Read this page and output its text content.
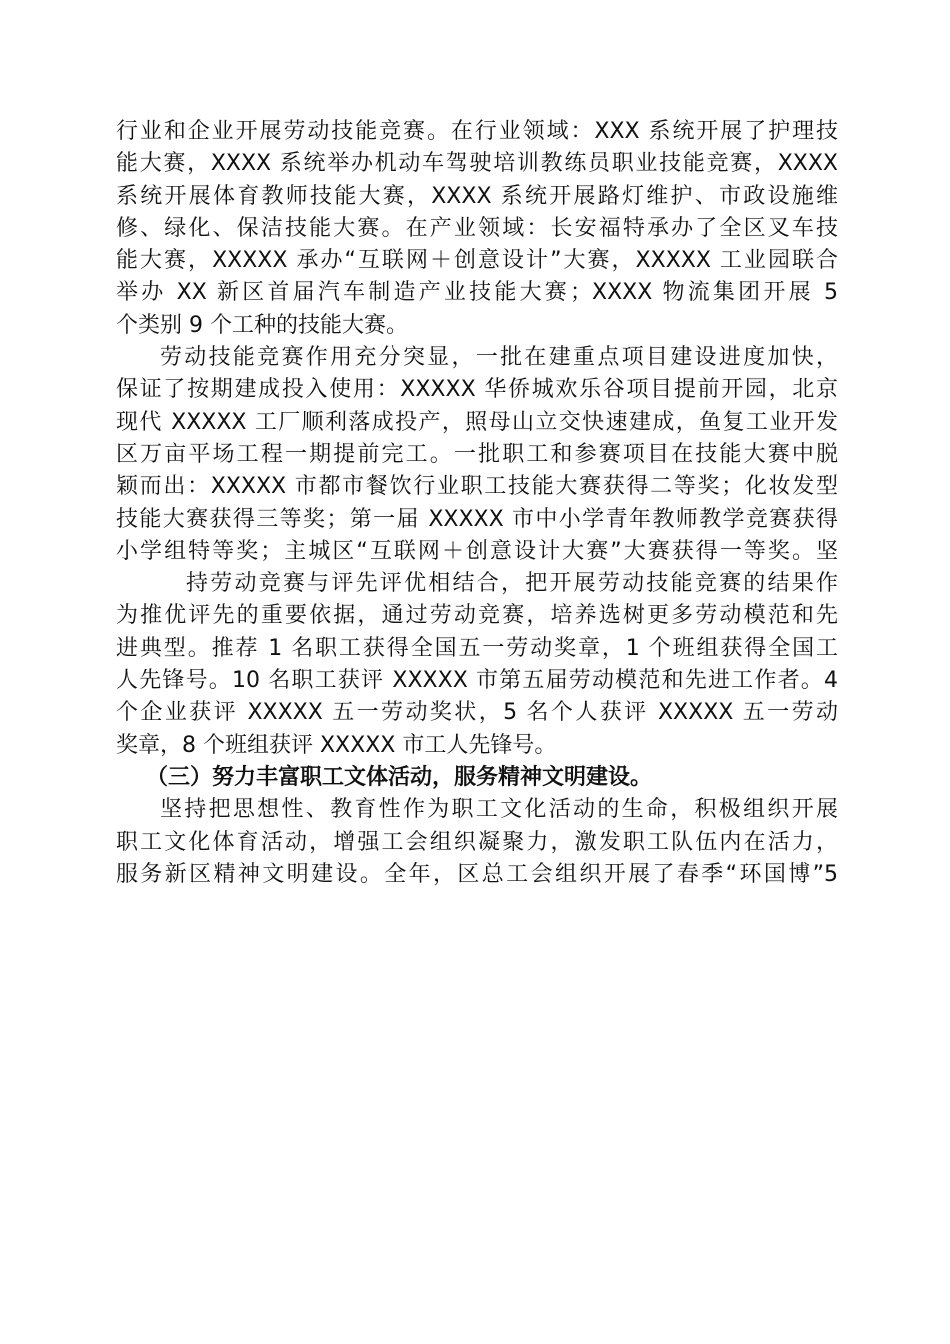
行业和企业开展劳动技能竞赛。在行业领域：XXX 系统开展了护理技
能大赛，XXXX 系统举办机动车驾驶培训教练员职业技能竞赛，XXXX
系统开展体育教师技能大赛，XXXX 系统开展路灯维护、市政设施维
修、绿化、保洁技能大赛。在产业领域：长安福特承办了全区叉车技
能大赛，XXXXX 承办“互联网＋创意设计”大赛，XXXXX 工业园联合
举办 XX 新区首届汽车制造产业技能大赛；XXXX 物流集团开展 5
个类别 9 个工种的技能大赛。
劳动技能竞赛作用充分突显，一批在建重点项目建设进度加快，
保证了按期建成投入使用：XXXXX 华侨城欢乐谷项目提前开园，北京
现代 XXXXX 工厂顺利落成投产，照母山立交快速建成，鱼复工业开发
区万亩平场工程一期提前完工。一批职工和参赛项目在技能大赛中脱
颖而出：XXXXX 市都市餐饮行业职工技能大赛获得二等奖；化妆发型
技能大赛获得三等奖；第一届 XXXXX 市中小学青年教师教学竞赛获得
小学组特等奖；主城区“互联网＋创意设计大赛”大赛获得一等奖。坚
持劳动竞赛与评先评优相结合，把开展劳动技能竞赛的结果作
为推优评先的重要依据，通过劳动竞赛，培养选树更多劳动模范和先
进典型。推荐 1 名职工获得全国五一劳动奖章，1 个班组获得全国工
人先锋号。10 名职工获评 XXXXX 市第五届劳动模范和先进工作者。4
个企业获评 XXXXX 五一劳动奖状，5 名个人获评 XXXXX 五一劳动
奖章，8 个班组获评 XXXXX 市工人先锋号。
（三）努力丰富职工文体活动，服务精神文明建设。
坚持把思想性、教育性作为职工文化活动的生命，积极组织开展
职工文化体育活动，增强工会组织凝聚力，激发职工队伍内在活力，
服务新区精神文明建设。全年，区总工会组织开展了春季“环国博”5
